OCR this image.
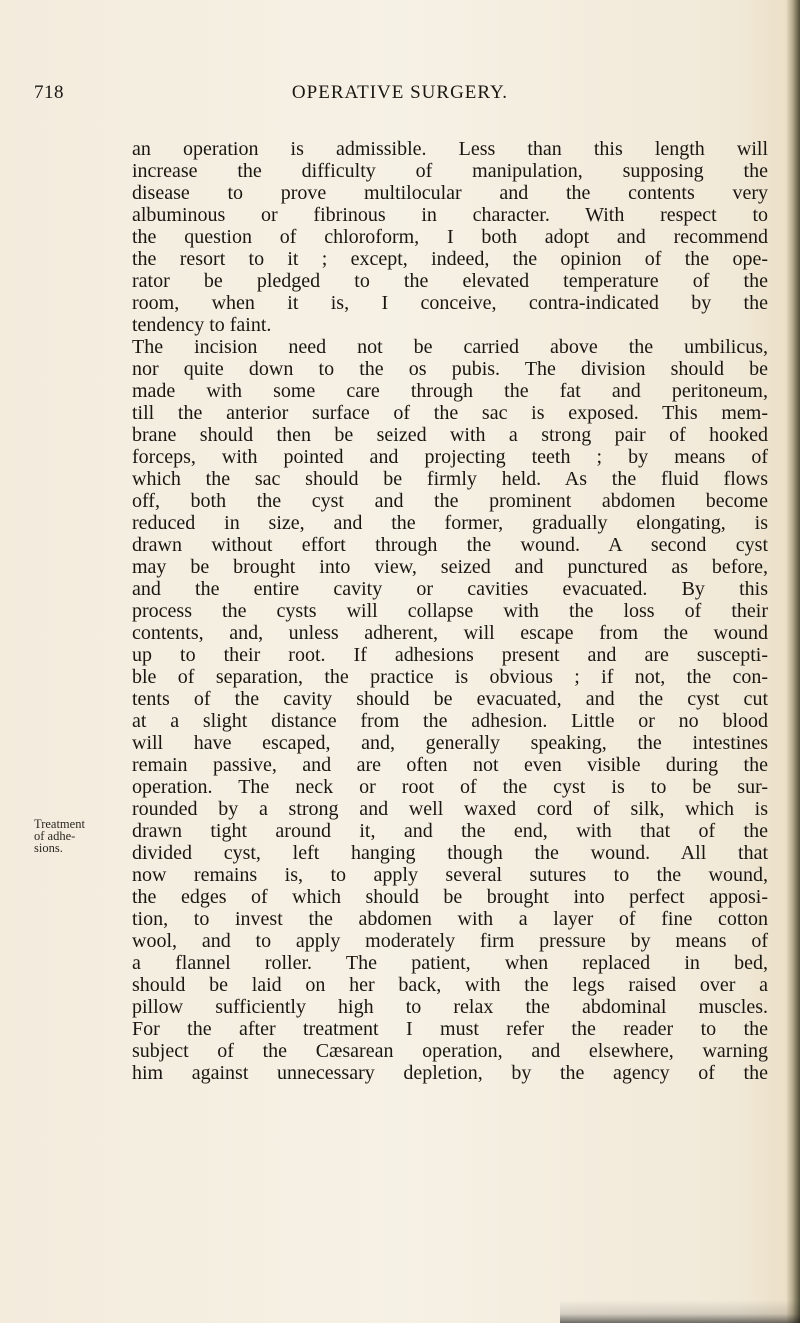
718	OPERATIVE SURGERY.
Treatment
of adhe-
sions.
an operation is admissible. Less than this length will
increase the difficulty of manipulation, supposing the
disease to prove multilocular and the contents very
albuminous or fibrinous in character. With respect to
the question of chloroform, I both adopt and recommend
the resort to it ; except, indeed, the opinion of the ope-
rator be pledged to the elevated temperature of the
room, when it is, I conceive, contra-indicated by the
tendency to faint.
The incision need not be carried above the umbilicus,
nor quite down to the os pubis. The division should be
made with some care through the fat and peritoneum,
till the anterior surface of the sac is exposed. This mem-
brane should then be seized with a strong pair of hooked
forceps, with pointed and projecting teeth ; by means of
which the sac should be firmly held. As the fluid flows
off, both the cyst and the prominent abdomen become
reduced in size, and the former, gradually elongating, is
drawn without effort through the wound. A second cyst
may be brought into view, seized and punctured as before,
and the entire cavity or cavities evacuated. By this
process the cysts will collapse with the loss of their
contents, and, unless adherent, will escape from the wound
up to their root. If adhesions present and are suscepti-
ble of separation, the practice is obvious ; if not, the con-
tents of the cavity should be evacuated, and the cyst cut
at a slight distance from the adhesion. Little or no blood
will have escaped, and, generally speaking, the intestines
remain passive, and are often not even visible during the
operation. The neck or root of the cyst is to be sur-
rounded by a strong and well waxed cord of silk, which is
drawn tight around it, and the end, with that of the
divided cyst, left hanging though the wound. All that
now remains is, to apply several sutures to the wound,
the edges of which should be brought into perfect apposi-
tion, to invest the abdomen with a layer of fine cotton
wool, and to apply moderately firm pressure by means of
a flannel roller. The patient, when replaced in bed,
should be laid on her back, with the legs raised over a
pillow sufficiently high to relax the abdominal muscles.
For the after treatment I must refer the reader to the
subject of the Cæsarean operation, and elsewhere, warning
him against unnecessary depletion, by the agency of the
